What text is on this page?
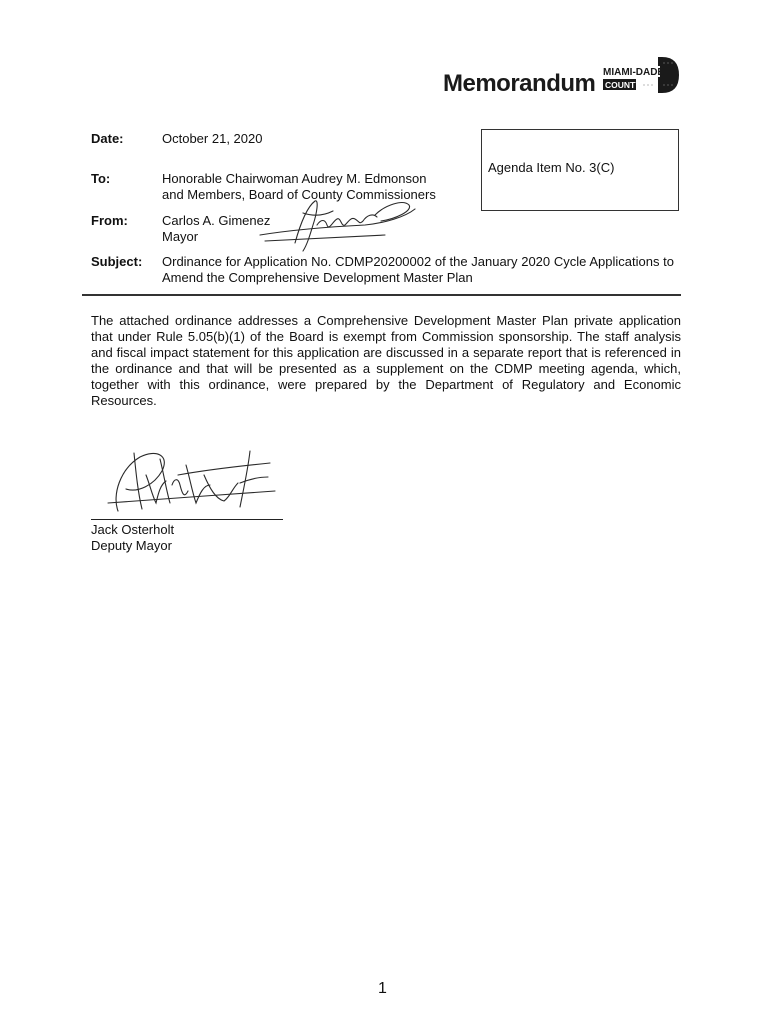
Memorandum MIAMI-DADE
COUNTY
Date:	October 21, 2020
To:	Honorable Chairwoman Audrey M. Edmonson
and Members, Board of County Commissioners
From:	Carlos A. Gimenez
Mayor
Agenda Item No. 3(C)
Subject: Ordinance for Application No. CDMP20200002 of the January 2020 Cycle Applications to Amend the Comprehensive Development Master Plan
The attached ordinance addresses a Comprehensive Development Master Plan private application that under Rule 5.05(b)(1) of the Board is exempt from Commission sponsorship. The staff analysis and fiscal impact statement for this application are discussed in a separate report that is referenced in the ordinance and that will be presented as a supplement on the CDMP meeting agenda, which, together with this ordinance, were prepared by the Department of Regulatory and Economic Resources.
Jack Osterholt
Deputy Mayor
1
